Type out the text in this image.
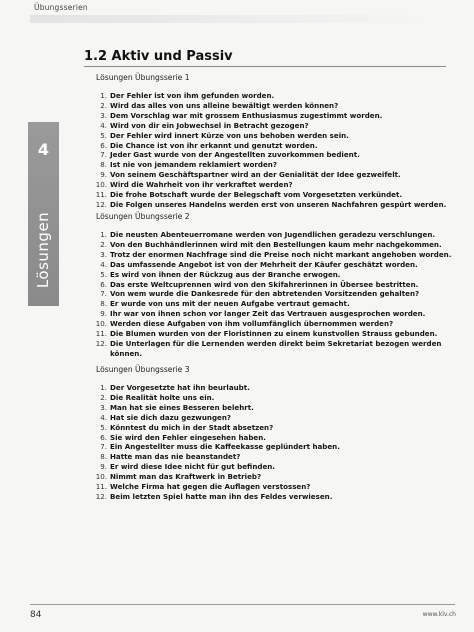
Übungsserien
4
Lösungen
1.2 Aktiv und Passiv
Lösungen Übungsserie 1
1. Der Fehler ist von ihm gefunden worden.
2. Wird das alles von uns alleine bewältigt werden können?
3. Dem Vorschlag war mit grossem Enthusiasmus zugestimmt worden.
4. Wird von dir ein Jobwechsel in Betracht gezogen?
5. Der Fehler wird innert Kürze von uns behoben werden sein.
6. Die Chance ist von ihr erkannt und genutzt worden.
7. Jeder Gast wurde von der Angestellten zuvorkommen bedient.
8. Ist nie von jemandem reklamiert worden?
9. Von seinem Geschäftspartner wird an der Genialität der Idee gezweifelt.
10. Wird die Wahrheit von ihr verkraftet werden?
11. Die frohe Botschaft wurde der Belegschaft vom Vorgesetzten verkündet.
12. Die Folgen unseres Handelns werden erst von unseren Nachfahren gespürt werden.
Lösungen Übungsserie 2
1. Die neusten Abenteuerromane werden von Jugendlichen geradezu verschlungen.
2. Von den Buchhändlerinnen wird mit den Bestellungen kaum mehr nachgekommen.
3. Trotz der enormen Nachfrage sind die Preise noch nicht markant angehoben worden.
4. Das umfassende Angebot ist von der Mehrheit der Käufer geschätzt worden.
5. Es wird von ihnen der Rückzug aus der Branche erwogen.
6. Das erste Weltcuprennen wird von den Skifahrerinnen in Übersee bestritten.
7. Von wem wurde die Dankesrede für den abtretenden Vorsitzenden gehalten?
8. Er wurde von uns mit der neuen Aufgabe vertraut gemacht.
9. Ihr war von ihnen schon vor langer Zeit das Vertrauen ausgesprochen worden.
10. Werden diese Aufgaben von ihm vollumfänglich übernommen werden?
11. Die Blumen wurden von der Floristinnen zu einem kunstvollen Strauss gebunden.
12. Die Unterlagen für die Lernenden werden direkt beim Sekretariat bezogen werden können.
Lösungen Übungsserie 3
1. Der Vorgesetzte hat ihn beurlaubt.
2. Die Realität holte uns ein.
3. Man hat sie eines Besseren belehrt.
4. Hat sie dich dazu gezwungen?
5. Könntest du mich in der Stadt absetzen?
6. Sie wird den Fehler eingesehen haben.
7. Ein Angestellter muss die Kaffeekasse geplündert haben.
8. Hatte man das nie beanstandet?
9. Er wird diese Idee nicht für gut befinden.
10. Nimmt man das Kraftwerk in Betrieb?
11. Welche Firma hat gegen die Auflagen verstossen?
12. Beim letzten Spiel hatte man ihn des Feldes verwiesen.
84	www.klv.ch
